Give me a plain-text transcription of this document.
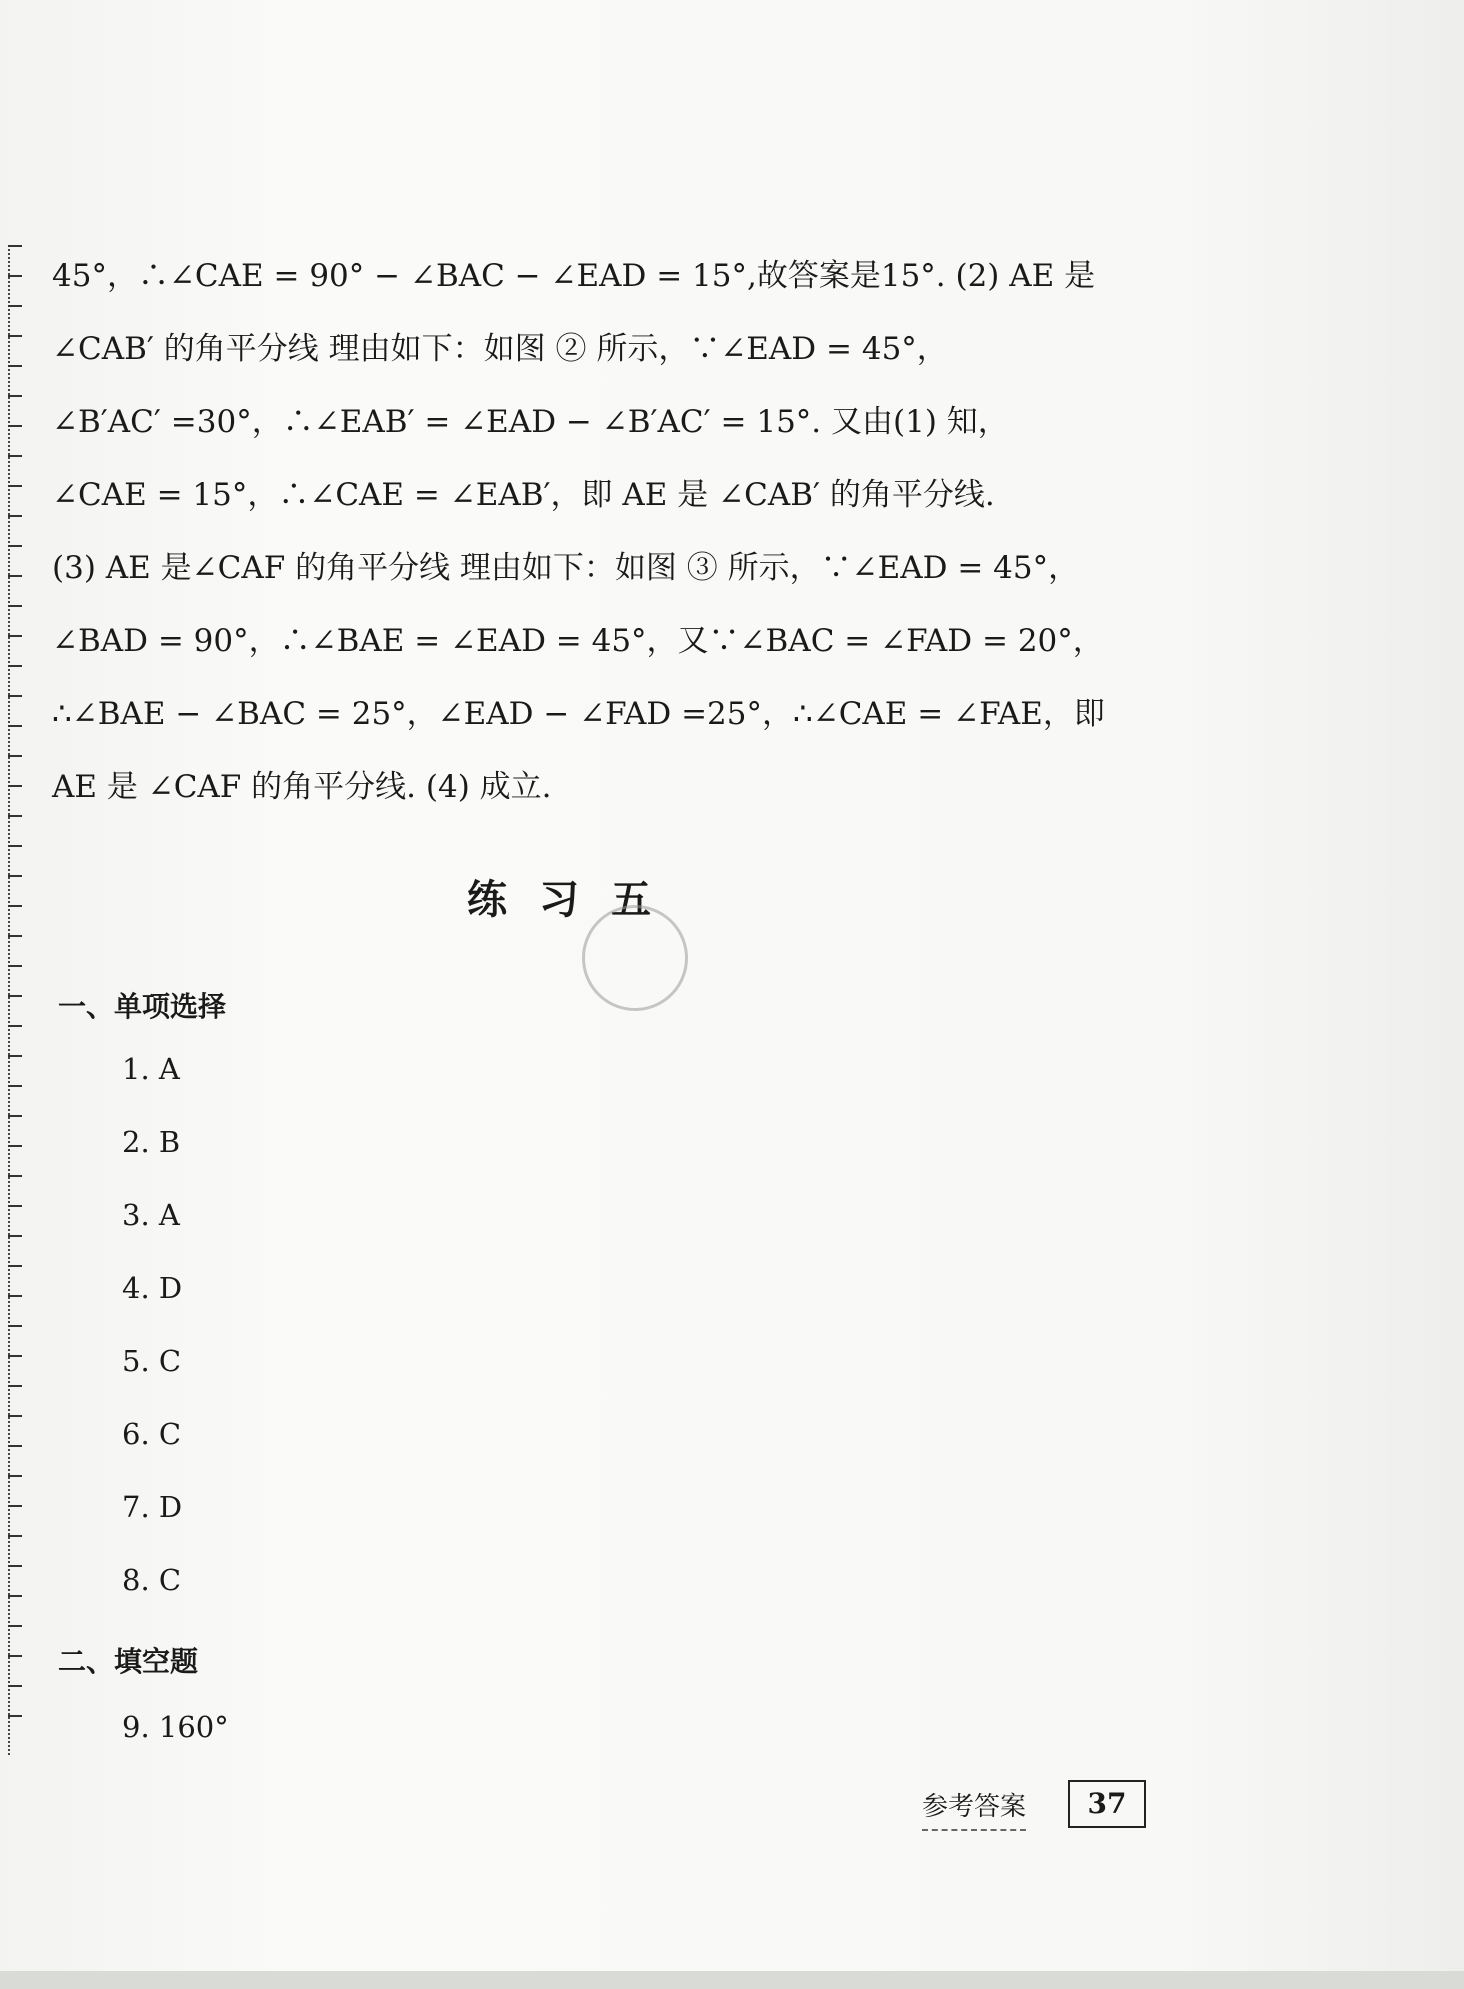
45°，∴∠CAE = 90° − ∠BAC − ∠EAD = 15°,故答案是15°. (2) AE 是
∠CAB′ 的角平分线 理由如下：如图 ② 所示，∵∠EAD = 45°，
∠B′AC′ =30°，∴∠EAB′ = ∠EAD − ∠B′AC′ = 15°. 又由(1) 知，
∠CAE = 15°，∴∠CAE = ∠EAB′，即 AE 是 ∠CAB′ 的角平分线.
(3) AE 是∠CAF 的角平分线 理由如下：如图 ③ 所示，∵∠EAD = 45°，
∠BAD = 90°，∴∠BAE = ∠EAD = 45°，又∵∠BAC = ∠FAD = 20°，
∴∠BAE − ∠BAC = 25°，∠EAD − ∠FAD =25°，∴∠CAE = ∠FAE，即
AE 是 ∠CAF 的角平分线. (4) 成立.
练习五
一、单项选择
1. A
2. B
3. A
4. D
5. C
6. C
7. D
8. C
二、填空题
9. 160°
参考答案	37
